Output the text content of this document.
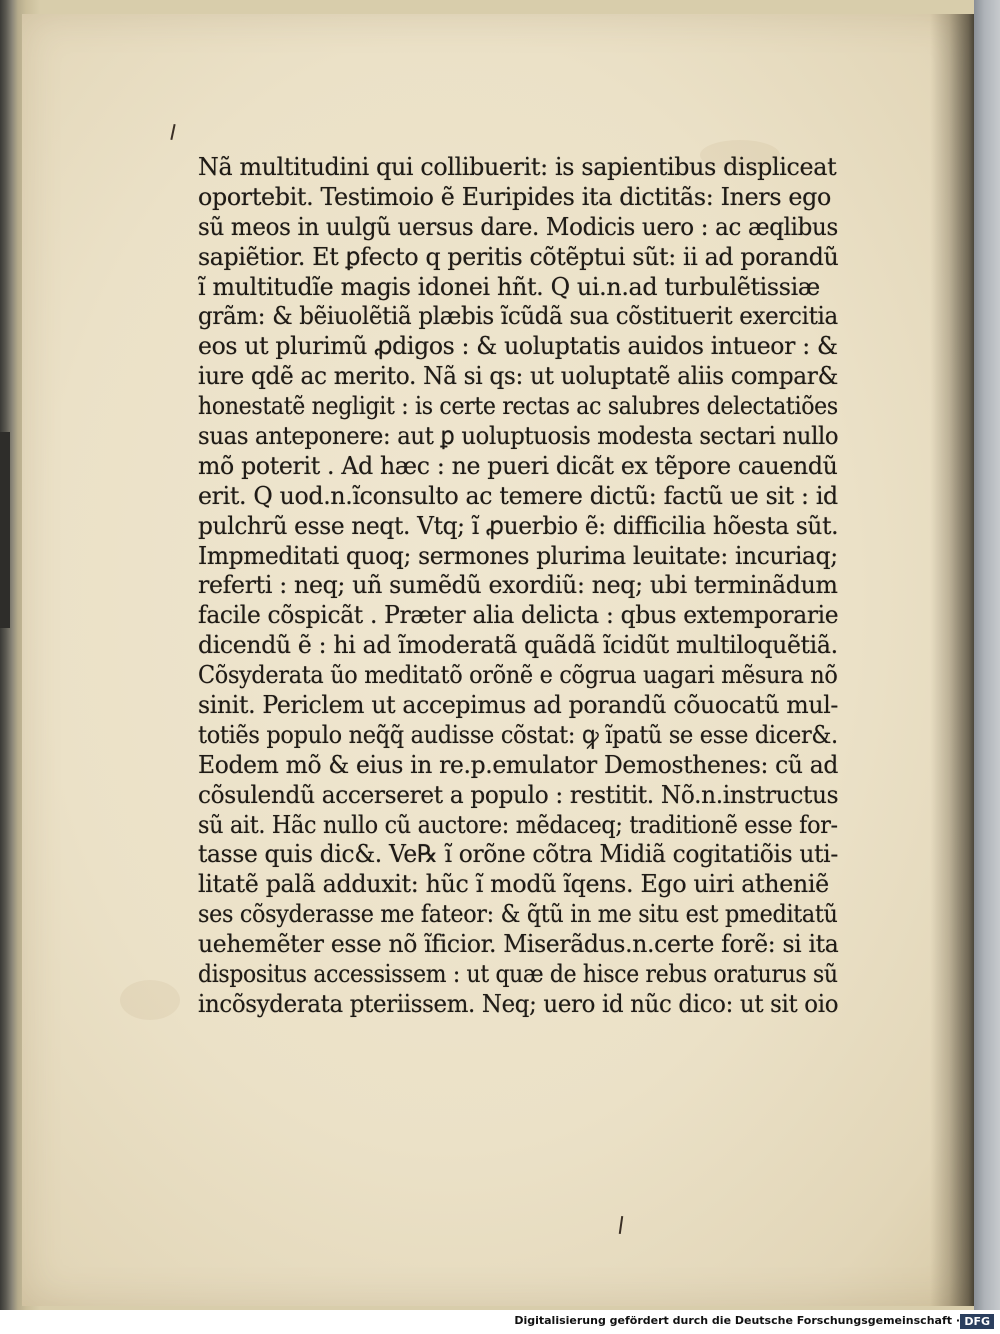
Nã multitudini qui collibuerit: is sapientibus displiceat
oportebit. Testimoio ẽ Euripides ita dictitãs: Iners ego
sũ meos in uulgũ uersus dare. Modicis uero : ac æqlibus
sapiẽtior. Et ꝑfecto q peritis cõtẽptui sũt: ii ad porandũ
ĩ multitudĩe magis idonei hñt. Q ui.n.ad turbulẽtissiæ
grãm: & bẽiuolẽtiã plæbis ĩcũdã sua cõstituerit exercitia
eos ut plurimũ ꝓdigos : & uoluptatis auidos intueor : &
iure qdẽ ac merito. Nã si qs: ut uoluptatẽ aliis compar&
honestatẽ negligit : is certe rectas ac salubres delectatiões
suas anteponere: aut ꝑ uoluptuosis modesta sectari nullo
mõ poterit . Ad hæc : ne pueri dicãt ex tẽpore cauendũ
erit. Q uod.n.ĩconsulto ac temere dictũ: factũ ue sit : id
pulchrũ esse neqt. Vtq; ĩ ꝓuerbio ẽ: difficilia hõesta sũt.
Impmeditati quoq; sermones plurima leuitate: incuriaq;
referti : neq; uñ sumẽdũ exordiũ: neq; ubi terminãdum
facile cõspicãt . Præter alia delicta : qbus extemporarie
dicendũ ẽ : hi ad ĩmoderatã quãdã ĩcidũt multiloquẽtiã.
Cõsyderata ũo meditatõ orõnẽ e cõgrua uagari mẽsura nõ
sinit. Periclem ut accepimus ad porandũ cõuocatũ mul-
totiẽs populo neq̃q̃ audisse cõstat: ꝙ ĩpatũ se esse dicer&.
Eodem mõ & eius in re.p.emulator Demosthenes: cũ ad
cõsulendũ accerseret a populo : restitit. Nõ.n.instructus
sũ ait. Hãc nullo cũ auctore: mẽdaceq; traditionẽ esse for-
tasse quis dic&. Ve℞ ĩ orõne cõtra Midiã cogitatiõis uti-
litatẽ palã adduxit: hũc ĩ modũ ĩqens. Ego uiri atheniẽ
ses cõsyderasse me fateor: & q̃tũ in me situ est pmeditatũ
uehemẽter esse nõ ĩficior. Miserãdus.n.certe forẽ: si ita
dispositus accessissem : ut quæ de hisce rebus oraturus sũ
incõsyderata pteriissem. Neq; uero id nũc dico: ut sit oio
Digitalisierung gefördert durch die Deutsche Forschungsgemeinschaft · DFG
